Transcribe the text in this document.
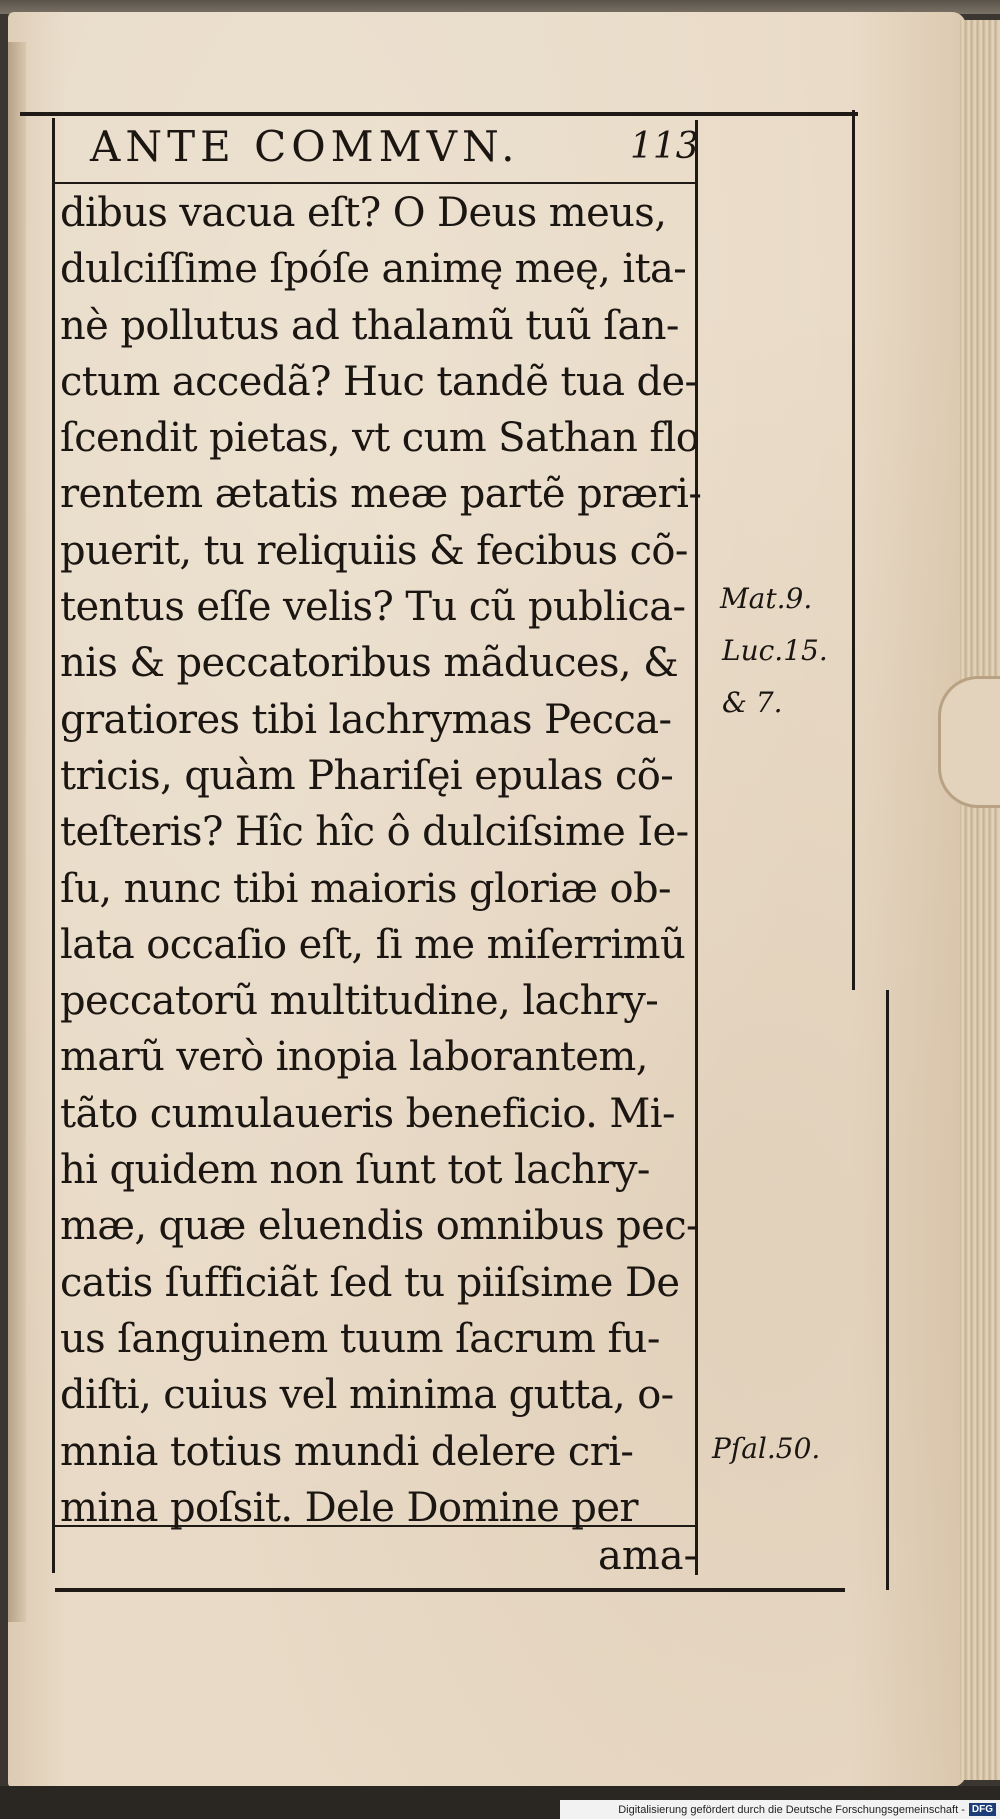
ANTE COMMVN.	113
dibus vacua eſt? O Deus meus,
dulciſſime ſpóſe animę meę, ita-
nè pollutus ad thalamũ tuũ ſan-
ctum accedã? Huc tandẽ tua de-
ſcendit pietas, vt cum Sathan flo
rentem ætatis meæ partẽ præri-
puerit, tu reliquiis & fecibus cõ-
tentus eſſe velis? Tu cũ publica-
nis & peccatoribus mãduces, &
gratiores tibi lachrymas Pecca-
tricis, quàm Phariſęi epulas cõ-
teſteris? Hîc hîc ô dulciſsime Ie-
ſu, nunc tibi maioris gloriæ ob-
lata occaſio eſt, ſi me miſerrimũ
peccatorũ multitudine, lachry-
marũ verò inopia laborantem,
tãto cumulaueris beneficio. Mi-
hi quidem non ſunt tot lachry-
mæ, quæ eluendis omnibus pec-
catis ſufficiãt ſed tu piiſsime De
us ſanguinem tuum ſacrum fu-
diſti, cuius vel minima gutta, o-
mnia totius mundi delere cri-
mina poſsit. Dele Domine per
ama-
Mat.9.
Luc.15.
& 7.
Pſal.50.
Digitalisierung gefördert durch die Deutsche Forschungsgemeinschaft - DFG
